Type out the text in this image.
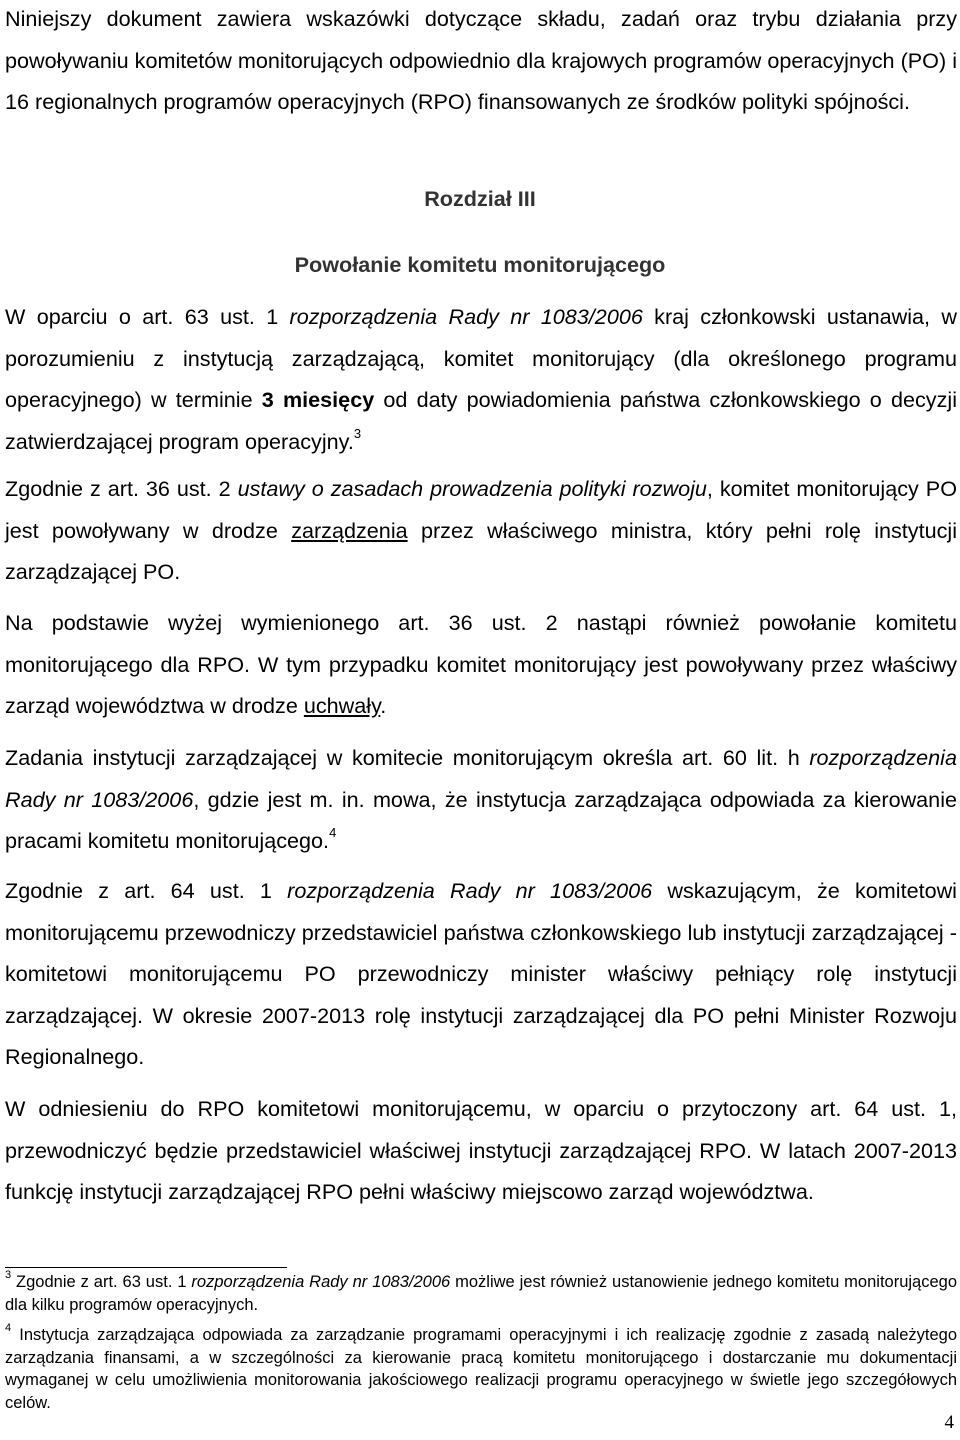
Niniejszy dokument zawiera wskazówki dotyczące składu, zadań oraz trybu działania przy powoływaniu komitetów monitorujących odpowiednio dla krajowych programów operacyjnych (PO) i 16 regionalnych programów operacyjnych (RPO) finansowanych ze środków polityki spójności.

Rozdział III

Powołanie komitetu monitorującego

W oparciu o art. 63 ust. 1 rozporządzenia Rady nr 1083/2006 kraj członkowski ustanawia, w porozumieniu z instytucją zarządzającą, komitet monitorujący (dla określonego programu operacyjnego) w terminie 3 miesięcy od daty powiadomienia państwa członkowskiego o decyzji zatwierdzającej program operacyjny.$^3$

Zgodnie z art. 36 ust. 2 ustawy o zasadach prowadzenia polityki rozwoju, komitet monitorujący PO jest powoływany w drodze zarządzenia przez właściwego ministra, który pełni rolę instytucji zarządzającej PO.

Na podstawie wyżej wymienionego art. 36 ust. 2 nastąpi również powołanie komitetu monitorującego dla RPO. W tym przypadku komitet monitorujący jest powoływany przez właściwy zarząd województwa w drodze uchwały.

Zadania instytucji zarządzającej w komitecie monitorującym określa art. 60 lit. h rozporządzenia Rady nr 1083/2006, gdzie jest m. in. mowa, że instytucja zarządzająca odpowiada za kierowanie pracami komitetu monitorującego.$^4$

Zgodnie z art. 64 ust. 1 rozporządzenia Rady nr 1083/2006 wskazującym, że komitetowi monitorującemu przewodniczy przedstawiciel państwa członkowskiego lub instytucji zarządzającej - komitetowi monitorującemu PO przewodniczy minister właściwy pełniący rolę instytucji zarządzającej. W okresie 2007-2013 rolę instytucji zarządzającej dla PO pełni Minister Rozwoju Regionalnego.

W odniesieniu do RPO komitetowi monitorującemu, w oparciu o przytoczony art. 64 ust. 1, przewodniczyć będzie przedstawiciel właściwej instytucji zarządzającej RPO. W latach 2007-2013 funkcję instytucji zarządzającej RPO pełni właściwy miejscowo zarząd województwa.

$^3$ Zgodnie z art. 63 ust. 1 rozporządzenia Rady nr 1083/2006 możliwe jest również ustanowienie jednego komitetu monitorującego dla kilku programów operacyjnych.

$^4$ Instytucja zarządzająca odpowiada za zarządzanie programami operacyjnymi i ich realizację zgodnie z zasadą należytego zarządzania finansami, a w szczególności za kierowanie pracą komitetu monitorującego i dostarczanie mu dokumentacji wymaganej w celu umożliwienia monitorowania jakościowego realizacji programu operacyjnego w świetle jego szczegółowych celów.

4
